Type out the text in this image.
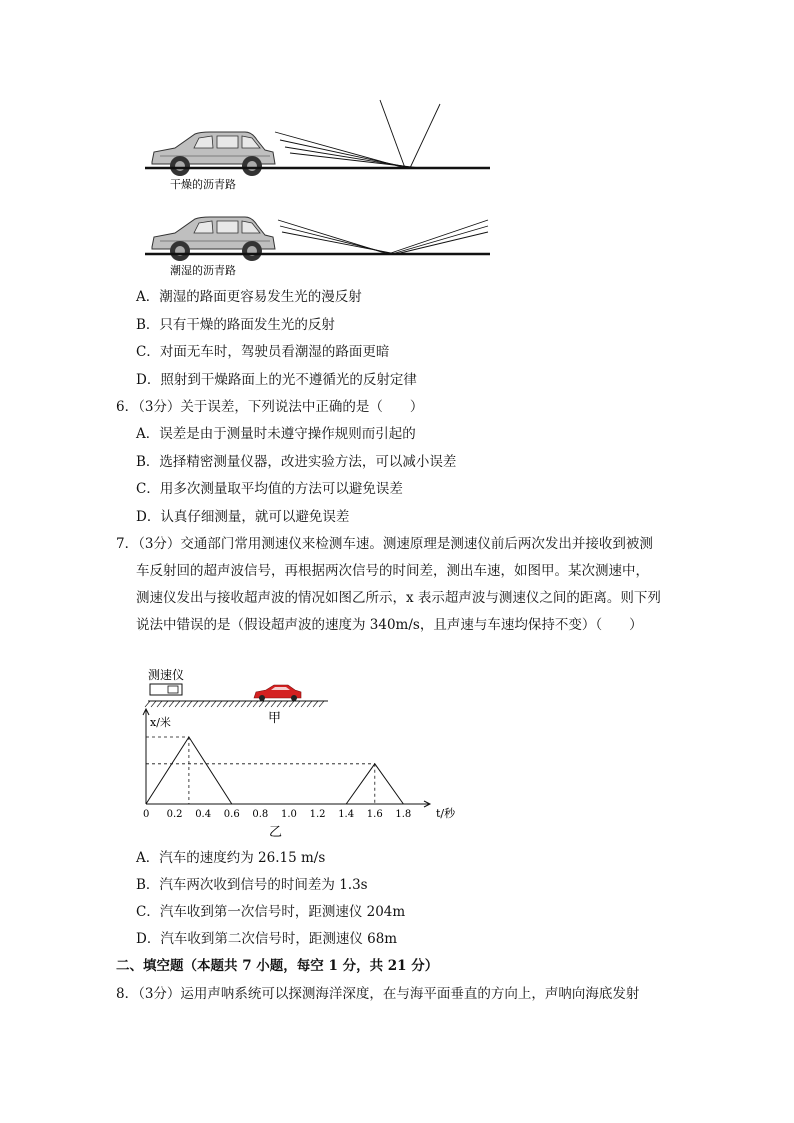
干燥的沥青路
潮湿的沥青路
A．潮湿的路面更容易发生光的漫反射
B．只有干燥的路面发生光的反射
C．对面无车时，驾驶员看潮湿的路面更暗
D．照射到干燥路面上的光不遵循光的反射定律
6．（3分）关于误差，下列说法中正确的是（　　）
A．误差是由于测量时未遵守操作规则而引起的
B．选择精密测量仪器，改进实验方法，可以减小误差
C．用多次测量取平均值的方法可以避免误差
D．认真仔细测量，就可以避免误差
7．（3分）交通部门常用测速仪来检测车速。测速原理是测速仪前后两次发出并接收到被测
车反射回的超声波信号，再根据两次信号的时间差，测出车速，如图甲。某次测速中，
测速仪发出与接收超声波的情况如图乙所示，x 表示超声波与测速仪之间的距离。则下列
说法中错误的是（假设超声波的速度为 340m/s，且声速与车速均保持不变）（　　）
测速仪
甲
x/米
t/秒
0 0.2 0.4 0.6 0.8 1.0 1.2 1.4 1.6 1.8
乙
A．汽车的速度约为 26.15 m/s
B．汽车两次收到信号的时间差为 1.3s
C．汽车收到第一次信号时，距测速仪 204m
D．汽车收到第二次信号时，距测速仪 68m
二、填空题（本题共 7 小题，每空 1 分，共 21 分）
8．（3分）运用声呐系统可以探测海洋深度，在与海平面垂直的方向上，声呐向海底发射
